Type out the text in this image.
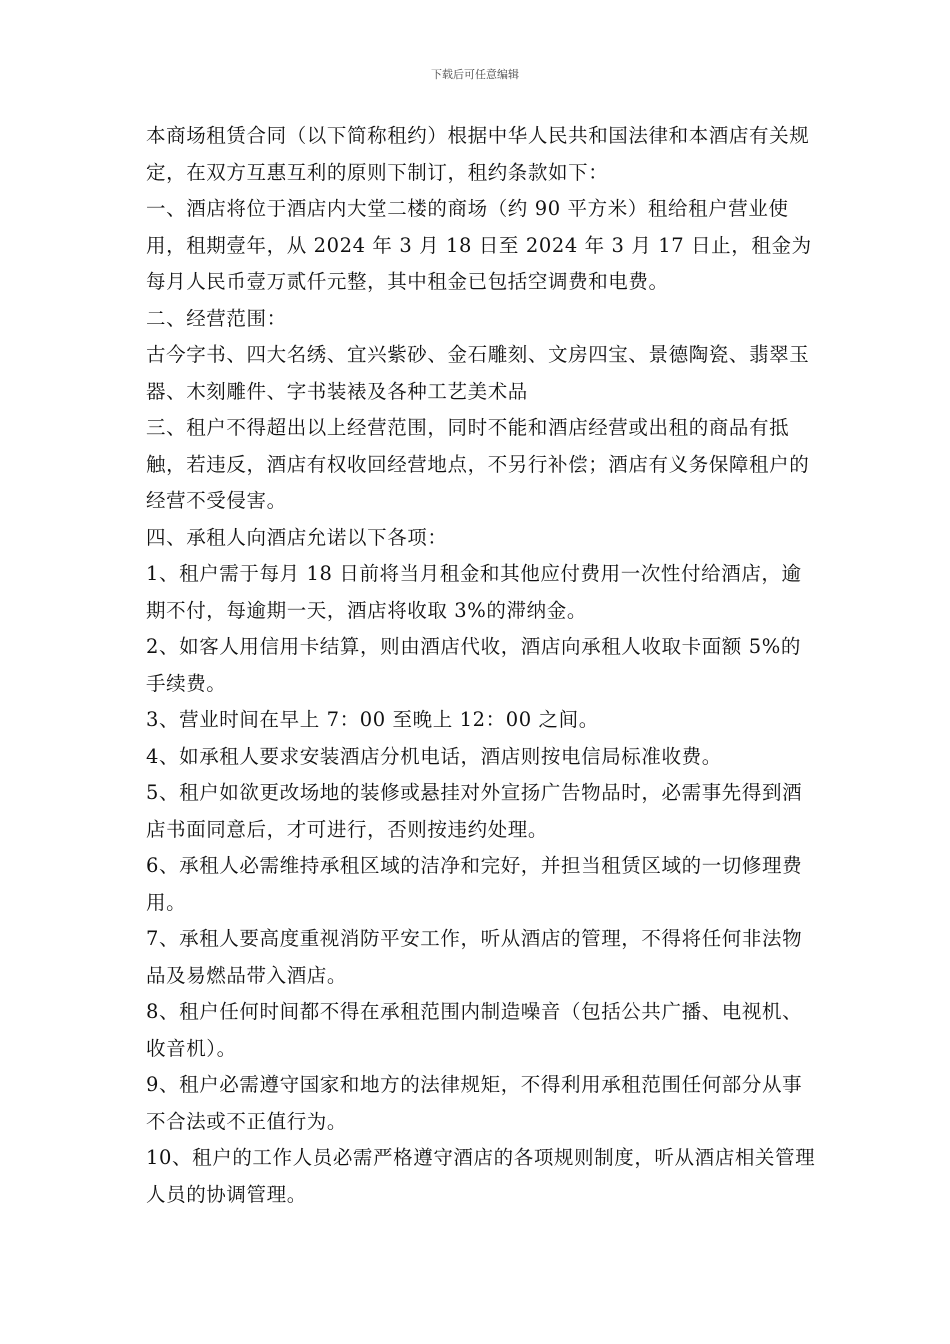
下载后可任意编辑

本商场租赁合同（以下简称租约）根据中华人民共和国法律和本酒店有关规定，在双方互惠互利的原则下制订，租约条款如下：

一、酒店将位于酒店内大堂二楼的商场（约 90 平方米）租给租户营业使用，租期壹年，从 2024 年 3 月 18 日至 2024 年 3 月 17 日止，租金为每月人民币壹万贰仟元整，其中租金已包括空调费和电费。

二、经营范围：

古今字书、四大名绣、宜兴紫砂、金石雕刻、文房四宝、景德陶瓷、翡翠玉器、木刻雕件、字书装裱及各种工艺美术品

三、租户不得超出以上经营范围，同时不能和酒店经营或出租的商品有抵触，若违反，酒店有权收回经营地点，不另行补偿；酒店有义务保障租户的经营不受侵害。

四、承租人向酒店允诺以下各项：

1、租户需于每月 18 日前将当月租金和其他应付费用一次性付给酒店，逾期不付，每逾期一天，酒店将收取 3%的滞纳金。

2、如客人用信用卡结算，则由酒店代收，酒店向承租人收取卡面额 5%的手续费。

3、营业时间在早上 7：00 至晚上 12：00 之间。

4、如承租人要求安装酒店分机电话，酒店则按电信局标准收费。

5、租户如欲更改场地的装修或悬挂对外宣扬广告物品时，必需事先得到酒店书面同意后，才可进行，否则按违约处理。

6、承租人必需维持承租区域的洁净和完好，并担当租赁区域的一切修理费用。

7、承租人要高度重视消防平安工作，听从酒店的管理，不得将任何非法物品及易燃品带入酒店。

8、租户任何时间都不得在承租范围内制造噪音（包括公共广播、电视机、收音机）。

9、租户必需遵守国家和地方的法律规矩，不得利用承租范围任何部分从事不合法或不正值行为。

10、租户的工作人员必需严格遵守酒店的各项规则制度，听从酒店相关管理人员的协调管理。
